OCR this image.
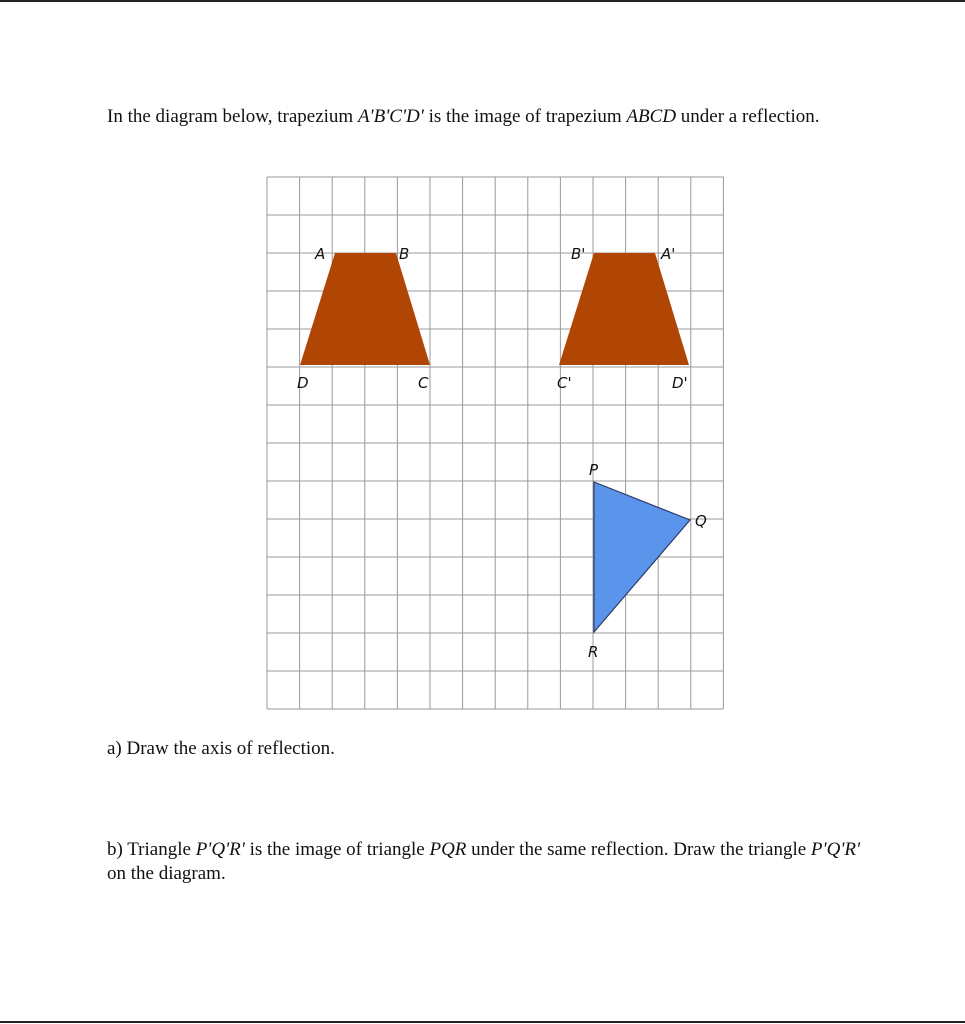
In the diagram below, trapezium A'B'C'D' is the image of trapezium ABCD under a reflection.

A	B
D	C
B'	A'
C'	D'
P
Q
R

a) Draw the axis of reflection.

b) Triangle P'Q'R' is the image of triangle PQR under the same reflection. Draw the triangle P'Q'R' on the diagram.
